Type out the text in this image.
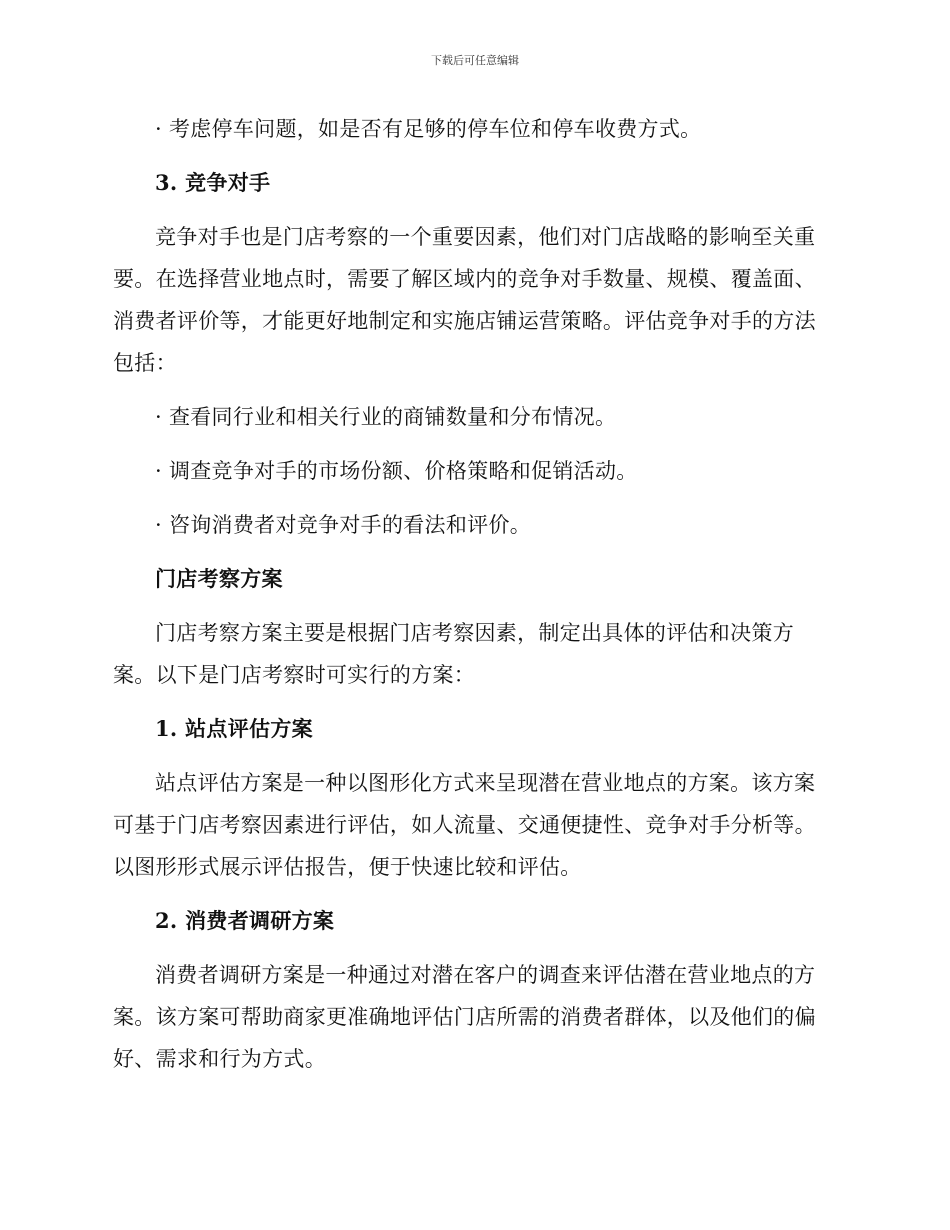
下载后可任意编辑

· 考虑停车问题，如是否有足够的停车位和停车收费方式。

3. 竞争对手

竞争对手也是门店考察的一个重要因素，他们对门店战略的影响至关重要。在选择营业地点时，需要了解区域内的竞争对手数量、规模、覆盖面、消费者评价等，才能更好地制定和实施店铺运营策略。评估竞争对手的方法包括：

· 查看同行业和相关行业的商铺数量和分布情况。

· 调查竞争对手的市场份额、价格策略和促销活动。

· 咨询消费者对竞争对手的看法和评价。

门店考察方案

门店考察方案主要是根据门店考察因素，制定出具体的评估和决策方案。以下是门店考察时可实行的方案：

1. 站点评估方案

站点评估方案是一种以图形化方式来呈现潜在营业地点的方案。该方案可基于门店考察因素进行评估，如人流量、交通便捷性、竞争对手分析等。以图形形式展示评估报告，便于快速比较和评估。

2. 消费者调研方案

消费者调研方案是一种通过对潜在客户的调查来评估潜在营业地点的方案。该方案可帮助商家更准确地评估门店所需的消费者群体，以及他们的偏好、需求和行为方式。
